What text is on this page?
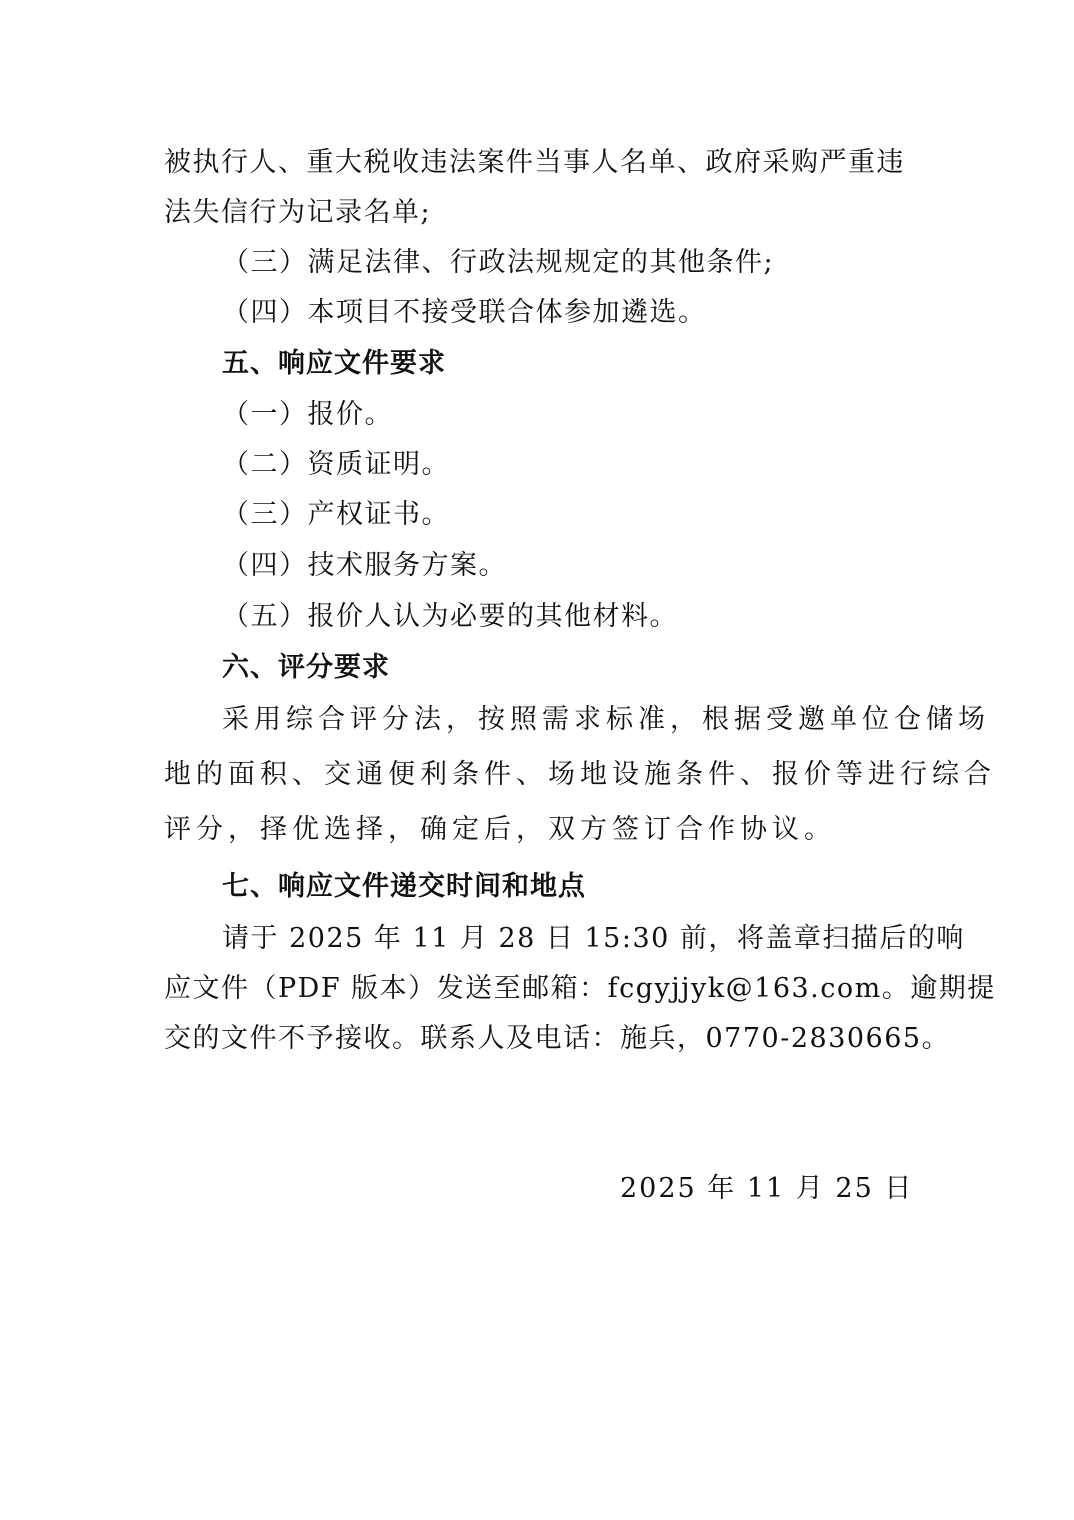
被执行人、重大税收违法案件当事人名单、政府采购严重违
法失信行为记录名单;
（三）满足法律、行政法规规定的其他条件;
（四）本项目不接受联合体参加遴选。
五、响应文件要求
（一）报价。
（二）资质证明。
（三）产权证书。
（四）技术服务方案。
（五）报价人认为必要的其他材料。
六、评分要求
采用综合评分法，按照需求标准，根据受邀单位仓储场
地的面积、交通便利条件、场地设施条件、报价等进行综合
评分，择优选择，确定后，双方签订合作协议。
七、响应文件递交时间和地点
请于 2025 年 11 月 28 日 15:30 前，将盖章扫描后的响
应文件（PDF 版本）发送至邮箱：fcgyjjyk@163.com。逾期提
交的文件不予接收。联系人及电话：施兵，0770-2830665。
2025 年 11 月 25 日
